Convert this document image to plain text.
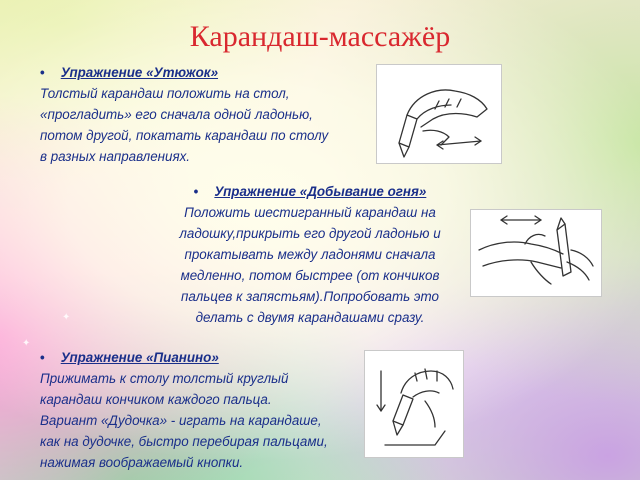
Карандаш-массажёр
• Упражнение «Утюжок»
Толстый карандаш положить на стол,
«прогладить» его сначала одной ладонью,
потом другой, покатать карандаш по столу
в разных направлениях.
• Упражнение «Добывание огня»
Положить шестигранный карандаш на
ладошку,прикрыть его другой ладонью и
прокатывать между ладонями сначала
медленно, потом быстрее (от кончиков
пальцев к запястьям).Попробовать это
делать с двумя карандашами сразу.
• Упражнение «Пианино»
Прижимать к столу толстый круглый
карандаш кончиком каждого пальца.
Вариант «Дудочка» - играть на карандаше,
как на дудочке, быстро перебирая пальцами,
нажимая воображаемый кнопки.
✦
✦
